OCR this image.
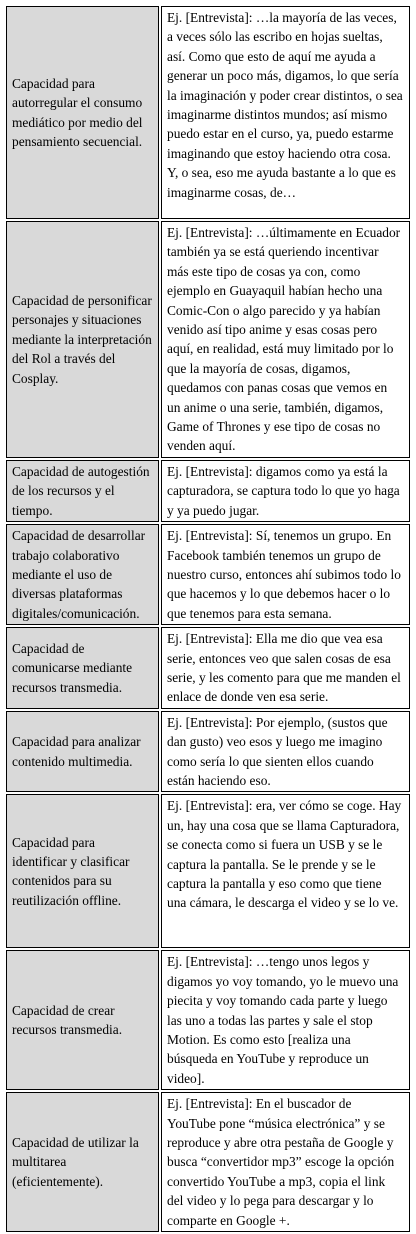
Capacidad para autorregular el consumo mediático por medio del pensamiento secuencial.	Ej. [Entrevista]: …la mayoría de las veces, a veces sólo las escribo en hojas sueltas, así. Como que esto de aquí me ayuda a generar un poco más, digamos, lo que sería la imaginación y poder crear distintos, o sea imaginarme distintos mundos; así mismo puedo estar en el curso, ya, puedo estarme imaginando que estoy haciendo otra cosa. Y, o sea, eso me ayuda bastante a lo que es imaginarme cosas, de…
Capacidad de personificar personajes y situaciones mediante la interpretación del Rol a través del Cosplay.	Ej. [Entrevista]: …últimamente en Ecuador también ya se está queriendo incentivar más este tipo de cosas ya con, como ejemplo en Guayaquil habían hecho una Comic-Con o algo parecido y ya habían venido así tipo anime y esas cosas pero aquí, en realidad, está muy limitado por lo que la mayoría de cosas, digamos, quedamos con panas cosas que vemos en un anime o una serie, también, digamos, Game of Thrones y ese tipo de cosas no venden aquí.
Capacidad de autogestión de los recursos y el tiempo.	Ej. [Entrevista]: digamos como ya está la capturadora, se captura todo lo que yo haga y ya puedo jugar.
Capacidad de desarrollar trabajo colaborativo mediante el uso de diversas plataformas digitales/comunicación.	Ej. [Entrevista]: Sí, tenemos un grupo. En Facebook también tenemos un grupo de nuestro curso, entonces ahí subimos todo lo que hacemos y lo que debemos hacer o lo que tenemos para esta semana.
Capacidad de comunicarse mediante recursos transmedia.	Ej. [Entrevista]: Ella me dio que vea esa serie, entonces veo que salen cosas de esa serie, y les comento para que me manden el enlace de donde ven esa serie.
Capacidad para analizar contenido multimedia.	Ej. [Entrevista]: Por ejemplo, (sustos que dan gusto) veo esos y luego me imagino como sería lo que sienten ellos cuando están haciendo eso.
Capacidad para identificar y clasificar contenidos para su reutilización offline.	Ej. [Entrevista]: era, ver cómo se coge. Hay un, hay una cosa que se llama Capturadora, se conecta como si fuera un USB y se le captura la pantalla. Se le prende y se le captura la pantalla y eso como que tiene una cámara, le descarga el video y se lo ve.
Capacidad de crear recursos transmedia.	Ej. [Entrevista]: …tengo unos legos y digamos yo voy tomando, yo le muevo una piecita y voy tomando cada parte y luego las uno a todas las partes y sale el stop Motion. Es como esto [realiza una búsqueda en YouTube y reproduce un video].
Capacidad de utilizar la multitarea (eficientemente).	Ej. [Entrevista]: En el buscador de YouTube pone “música electrónica” y se reproduce y abre otra pestaña de Google y busca “convertidor mp3” escoge la opción convertido YouTube a mp3, copia el link del video y lo pega para descargar y lo comparte en Google +.
